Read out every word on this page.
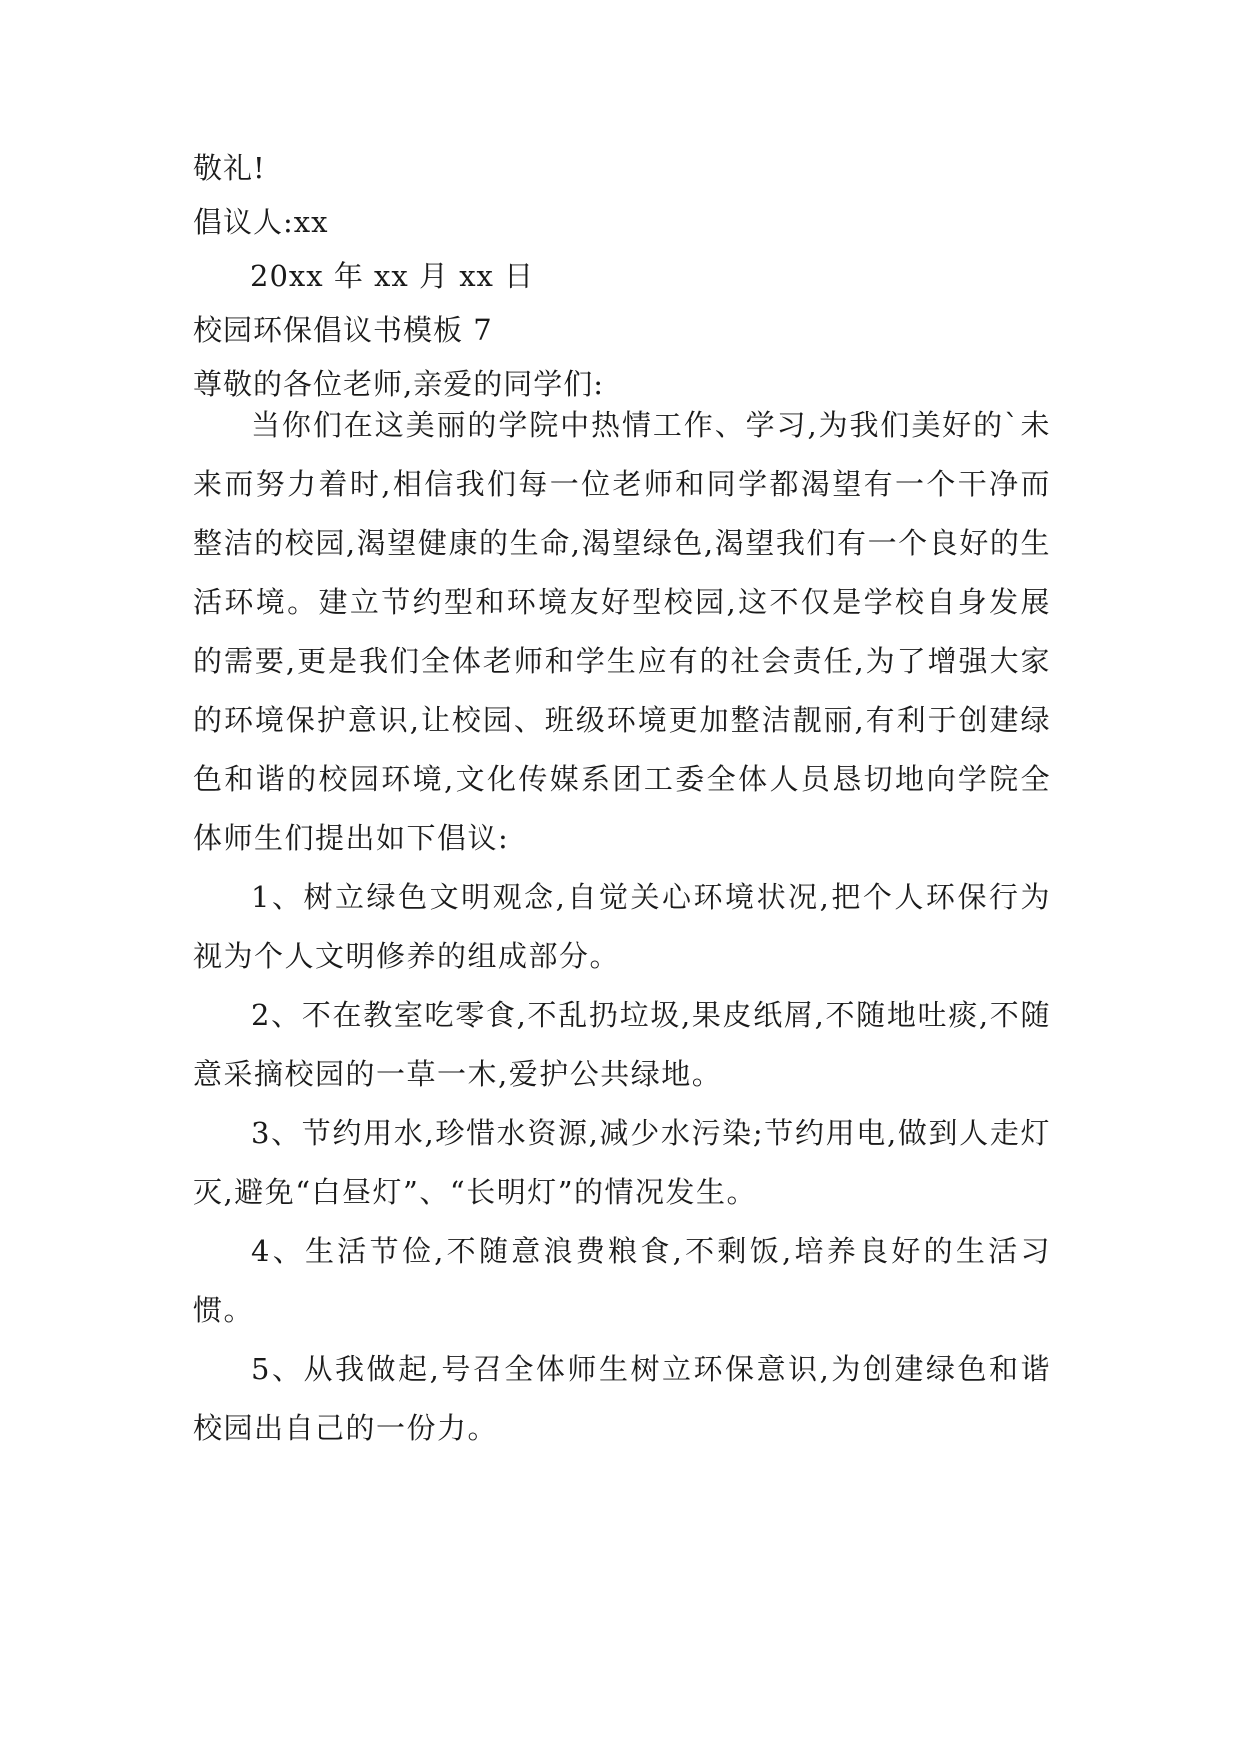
敬礼!
倡议人:xx
20xx 年 xx 月 xx 日
校园环保倡议书模板 7
尊敬的各位老师,亲爱的同学们:
当你们在这美丽的学院中热情工作、学习,为我们美好的`未来而努力着时,相信我们每一位老师和同学都渴望有一个干净而整洁的校园,渴望健康的生命,渴望绿色,渴望我们有一个良好的生活环境。建立节约型和环境友好型校园,这不仅是学校自身发展的需要,更是我们全体老师和学生应有的社会责任,为了增强大家的环境保护意识,让校园、班级环境更加整洁靓丽,有利于创建绿色和谐的校园环境,文化传媒系团工委全体人员恳切地向学院全体师生们提出如下倡议:
1、树立绿色文明观念,自觉关心环境状况,把个人环保行为视为个人文明修养的组成部分。
2、不在教室吃零食,不乱扔垃圾,果皮纸屑,不随地吐痰,不随意采摘校园的一草一木,爱护公共绿地。
3、节约用水,珍惜水资源,减少水污染;节约用电,做到人走灯灭,避免“白昼灯”、“长明灯”的情况发生。
4、生活节俭,不随意浪费粮食,不剩饭,培养良好的生活习惯。
5、从我做起,号召全体师生树立环保意识,为创建绿色和谐校园出自己的一份力。
